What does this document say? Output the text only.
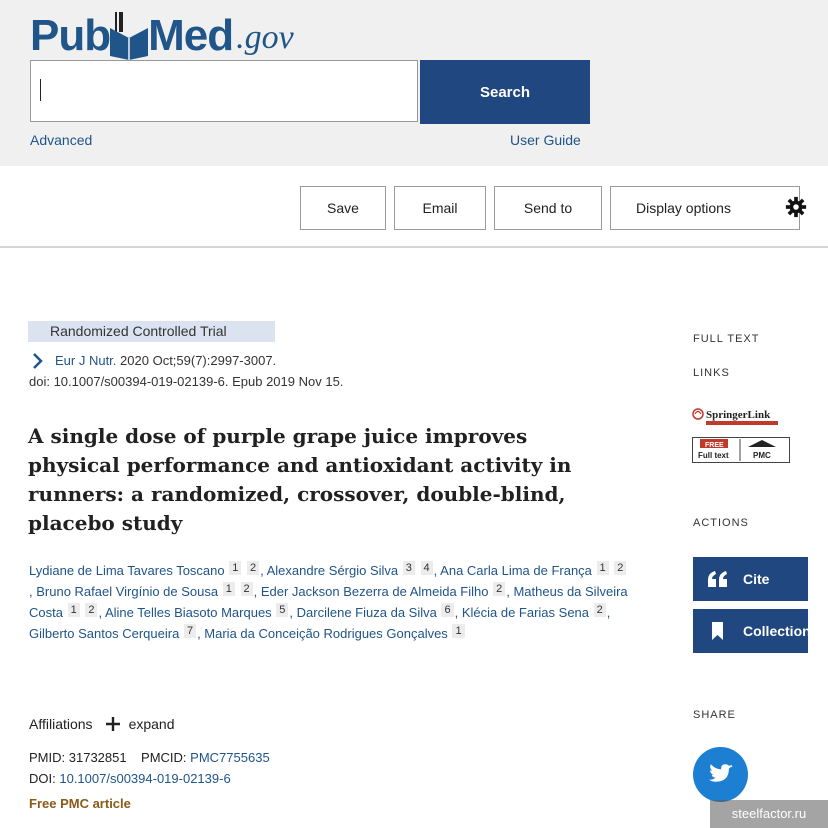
Pub Med .gov
Search
Advanced	User Guide
Save	Email	Send to	Display options
Randomized Controlled Trial
Eur J Nutr. 2020 Oct;59(7):2997-3007.
doi: 10.1007/s00394-019-02139-6. Epub 2019 Nov 15.
A single dose of purple grape juice improves physical performance and antioxidant activity in runners: a randomized, crossover, double-blind, placebo study
Lydiane de Lima Tavares Toscano 1 2 , Alexandre Sérgio Silva 3 4 , Ana Carla Lima de França 1 2, Bruno Rafael Virgínio de Sousa 1 2 , Eder Jackson Bezerra de Almeida Filho 2 , Matheus da Silveira Costa 1 2 , Aline Telles Biasoto Marques 5 , Darcilene Fiuza da Silva 6 , Klécia de Farias Sena 2 , Gilberto Santos Cerqueira 7 , Maria da Conceição Rodrigues Gonçalves 1
Affiliations	expand
PMID: 31732851 PMCID: PMC7755635
DOI: 10.1007/s00394-019-02139-6
Free PMC article
FULL TEXT
LINKS
SpringerLink
FREE
Full text	PMC
ACTIONS
Cite
Collections
SHARE
steelfactor.ru
